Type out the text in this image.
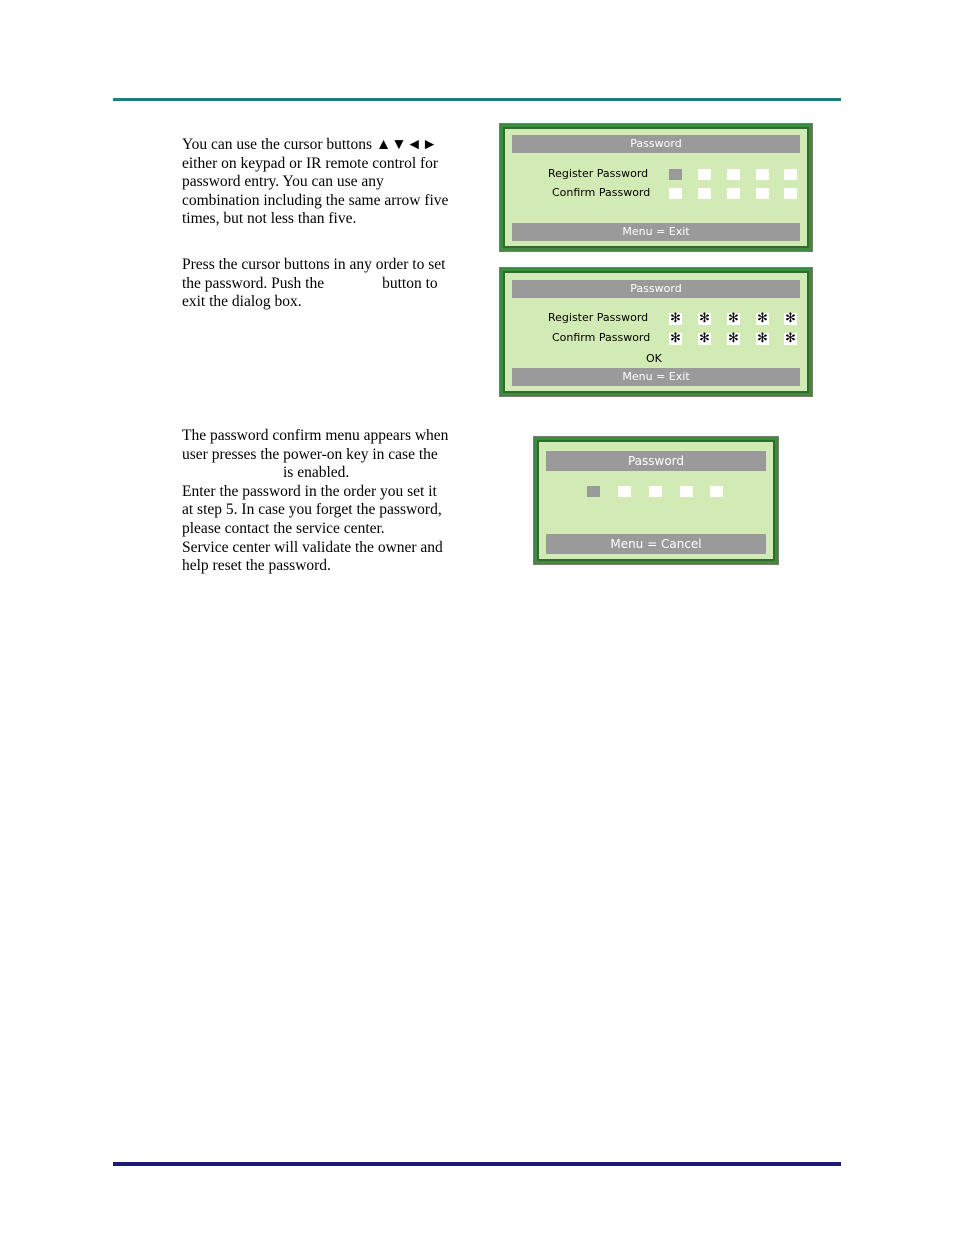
You can use the cursor buttons ▲▼◄►
either on keypad or IR remote control for
password entry. You can use any
combination including the same arrow five
times, but not less than five.
Press the cursor buttons in any order to set
the password. Push the	button to
exit the dialog box.
The password confirm menu appears when
user presses the power-on key in case the
is enabled.
Enter the password in the order you set it
at step 5. In case you forget the password,
please contact the service center.
Service center will validate the owner and
help reset the password.
Password
Register Password
Confirm Password
Menu = Exit
Password
Register Password ✻ ✻ ✻ ✻ ✻
Confirm Password ✻ ✻ ✻ ✻ ✻
OK
Menu = Exit
Password
Menu = Cancel
